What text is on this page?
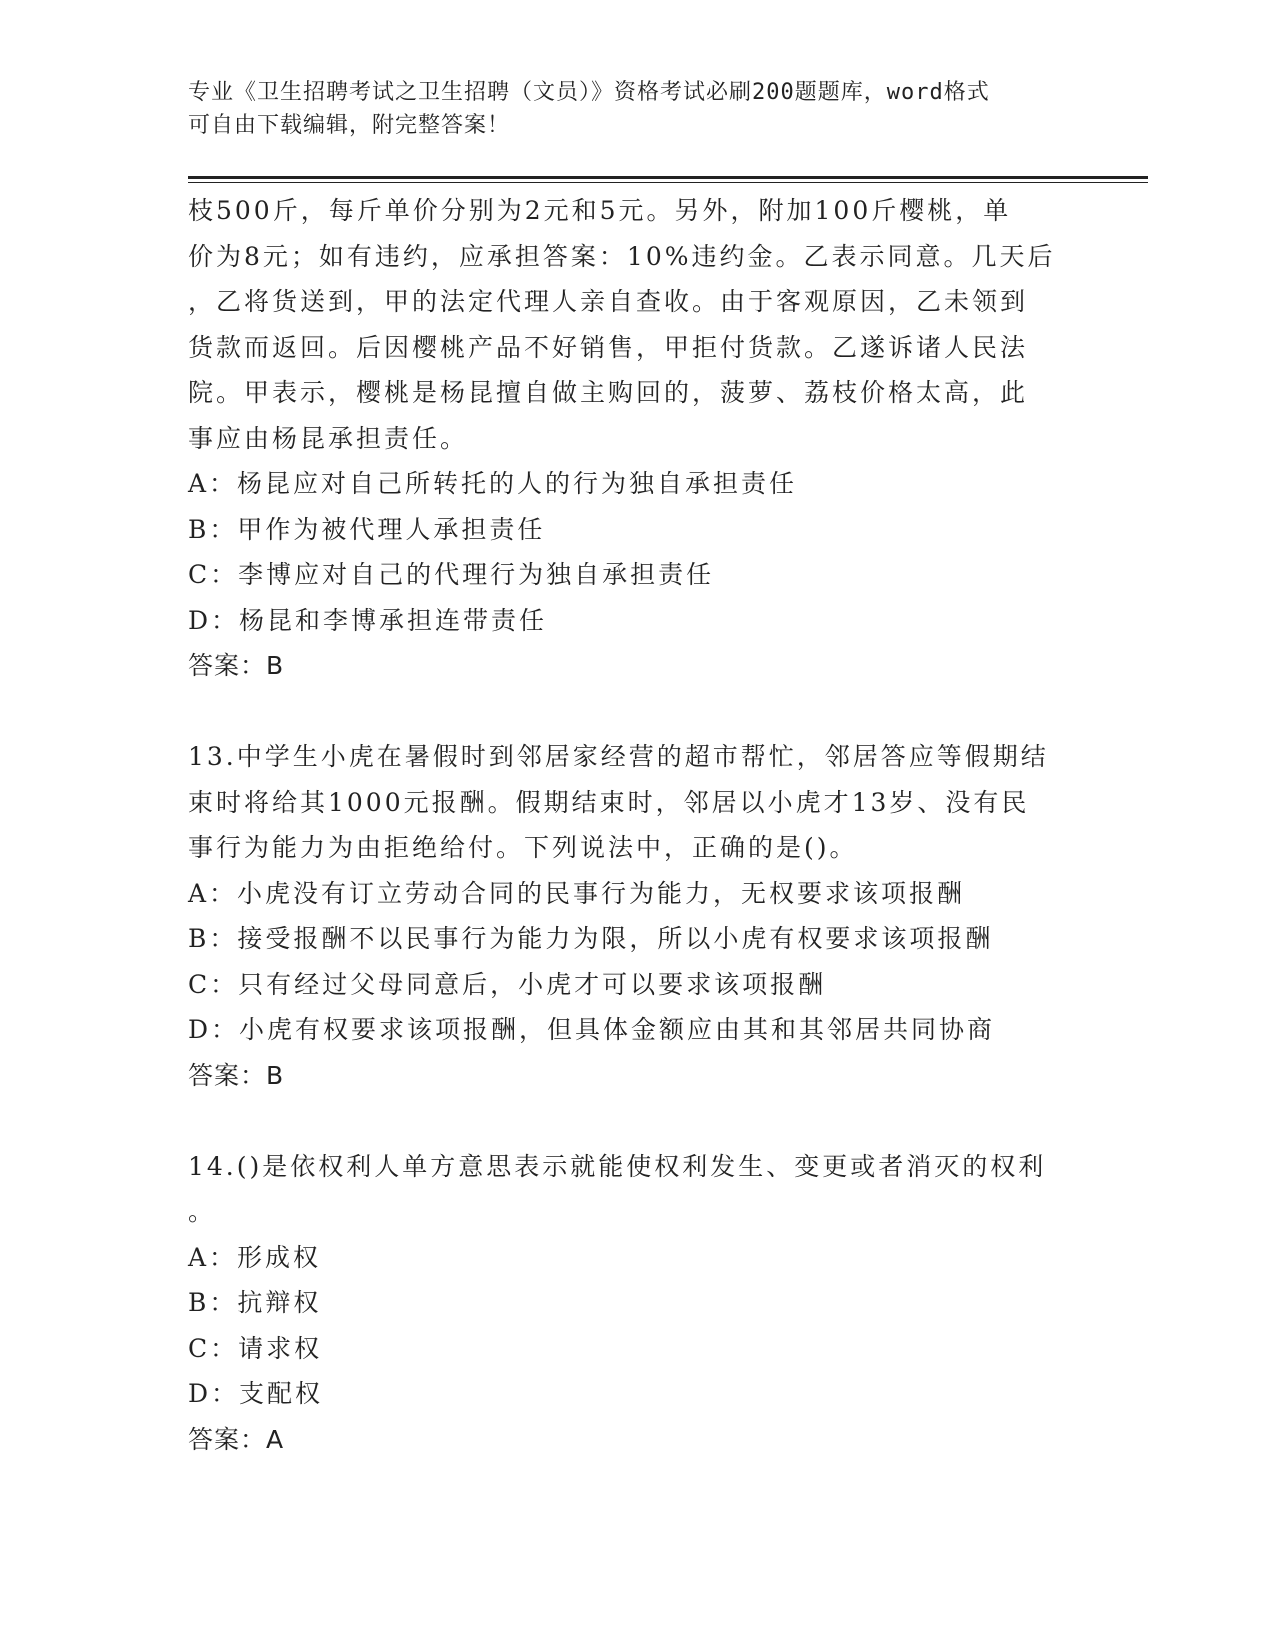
专业《卫生招聘考试之卫生招聘（文员）》资格考试必刷200题题库，word格式
可自由下载编辑，附完整答案！
枝500斤，每斤单价分别为2元和5元。另外，附加100斤樱桃，单
价为8元；如有违约，应承担答案：10%违约金。乙表示同意。几天后
，乙将货送到，甲的法定代理人亲自查收。由于客观原因，乙未领到
货款而返回。后因樱桃产品不好销售，甲拒付货款。乙遂诉诸人民法
院。甲表示，樱桃是杨昆擅自做主购回的，菠萝、荔枝价格太高，此
事应由杨昆承担责任。
A：杨昆应对自己所转托的人的行为独自承担责任
B：甲作为被代理人承担责任
C：李博应对自己的代理行为独自承担责任
D：杨昆和李博承担连带责任
答案：B
13.中学生小虎在暑假时到邻居家经营的超市帮忙，邻居答应等假期结
束时将给其1000元报酬。假期结束时，邻居以小虎才13岁、没有民
事行为能力为由拒绝给付。下列说法中，正确的是()。
A：小虎没有订立劳动合同的民事行为能力，无权要求该项报酬
B：接受报酬不以民事行为能力为限，所以小虎有权要求该项报酬
C：只有经过父母同意后，小虎才可以要求该项报酬
D：小虎有权要求该项报酬，但具体金额应由其和其邻居共同协商
答案：B
14.()是依权利人单方意思表示就能使权利发生、变更或者消灭的权利
。
A：形成权
B：抗辩权
C：请求权
D：支配权
答案：A
